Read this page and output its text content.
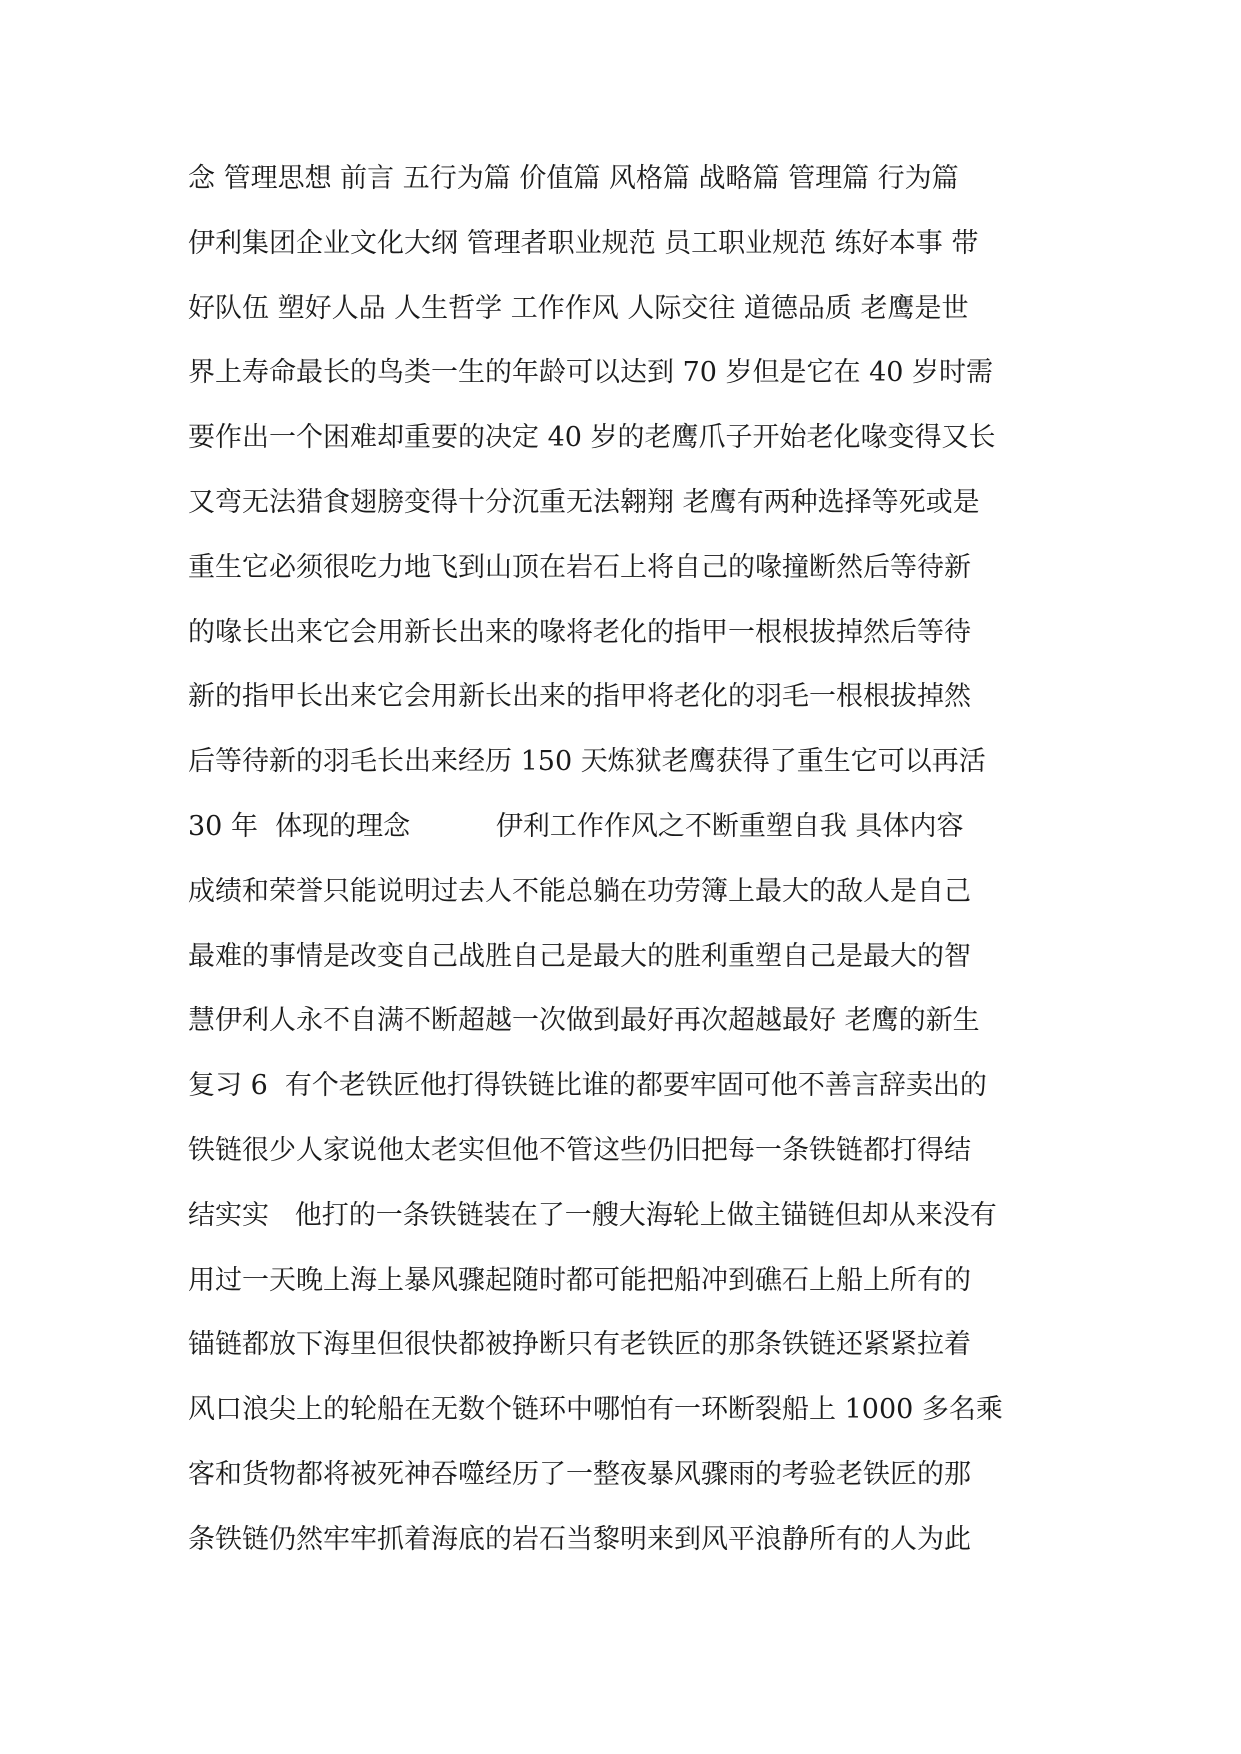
念 管理思想 前言 五行为篇 价值篇 风格篇 战略篇 管理篇 行为篇
伊利集团企业文化大纲 管理者职业规范 员工职业规范 练好本事 带
好队伍 塑好人品 人生哲学 工作作风 人际交往 道德品质 老鹰是世
界上寿命最长的鸟类一生的年龄可以达到 70 岁但是它在 40 岁时需
要作出一个困难却重要的决定 40 岁的老鹰爪子开始老化喙变得又长
又弯无法猎食翅膀变得十分沉重无法翱翔 老鹰有两种选择等死或是
重生它必须很吃力地飞到山顶在岩石上将自己的喙撞断然后等待新
的喙长出来它会用新长出来的喙将老化的指甲一根根拔掉然后等待
新的指甲长出来它会用新长出来的指甲将老化的羽毛一根根拔掉然
后等待新的羽毛长出来经历 150 天炼狱老鹰获得了重生它可以再活
30 年  体现的理念          伊利工作作风之不断重塑自我 具体内容
成绩和荣誉只能说明过去人不能总躺在功劳簿上最大的敌人是自己
最难的事情是改变自己战胜自己是最大的胜利重塑自己是最大的智
慧伊利人永不自满不断超越一次做到最好再次超越最好 老鹰的新生
复习 6  有个老铁匠他打得铁链比谁的都要牢固可他不善言辞卖出的
铁链很少人家说他太老实但他不管这些仍旧把每一条铁链都打得结
结实实   他打的一条铁链装在了一艘大海轮上做主锚链但却从来没有
用过一天晚上海上暴风骤起随时都可能把船冲到礁石上船上所有的
锚链都放下海里但很快都被挣断只有老铁匠的那条铁链还紧紧拉着
风口浪尖上的轮船在无数个链环中哪怕有一环断裂船上 1000 多名乘
客和货物都将被死神吞噬经历了一整夜暴风骤雨的考验老铁匠的那
条铁链仍然牢牢抓着海底的岩石当黎明来到风平浪静所有的人为此
